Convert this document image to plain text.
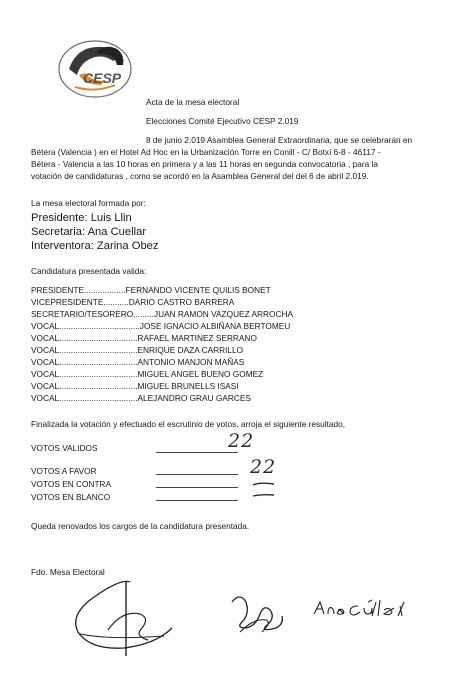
CESP
Acta de la mesa electoral
Elecciones Comité Ejecutivo CESP 2.019
8 de junio 2.019 Asamblea General Extraordinaria, que se celebrarán en
Bétera (Valencia ) en el Hotel Ad Hoc en la Urbanización Torre en Conill - C/ Botxí 6-8 - 46117 -
Bétera - Valencia a las 10 horas en primera y a las 11 horas en segunda convocatoria , para la
votación de candidaturas , como se acordó en la Asamblea General del del 6 de abril 2.019.
La mesa electoral formada por:
Presidente: Luis Llin
Secretaria: Ana Cuellar
Interventora: Zarina Obez
Candidatura presentada valida:
PRESIDENTE..................FERNANDO VICENTE QUILIS BONET
VICEPRESIDENTE...........DARIO CASTRO BARRERA
SECRETARIO/TESORERO.........JUAN RAMON VAZQUEZ ARROCHA
VOCAL...................................JOSE IGNACIO ALBIÑANA BERTOMEU
VOCAL..................................RAFAEL MARTINEZ SERRANO
VOCAL..................................ENRIQUE DAZA CARRILLO
VOCAL..................................ANTONIO MANJON MAÑAS
VOCAL..................................MIGUEL ANGEL BUENO GOMEZ
VOCAL..................................MIGUEL BRUNELLS ISASI
VOCAL..................................ALEJANDRO GRAU GARCES
Finalizada la votación y efectuado el escrutinio de votos, arroja el siguiente resultado,
VOTOS VALIDOS	22
VOTOS A FAVOR	22
VOTOS EN CONTRA
VOTOS EN BLANCO
Queda renovados los cargos de la candidatura presentada.
Fdo. Mesa Electoral
